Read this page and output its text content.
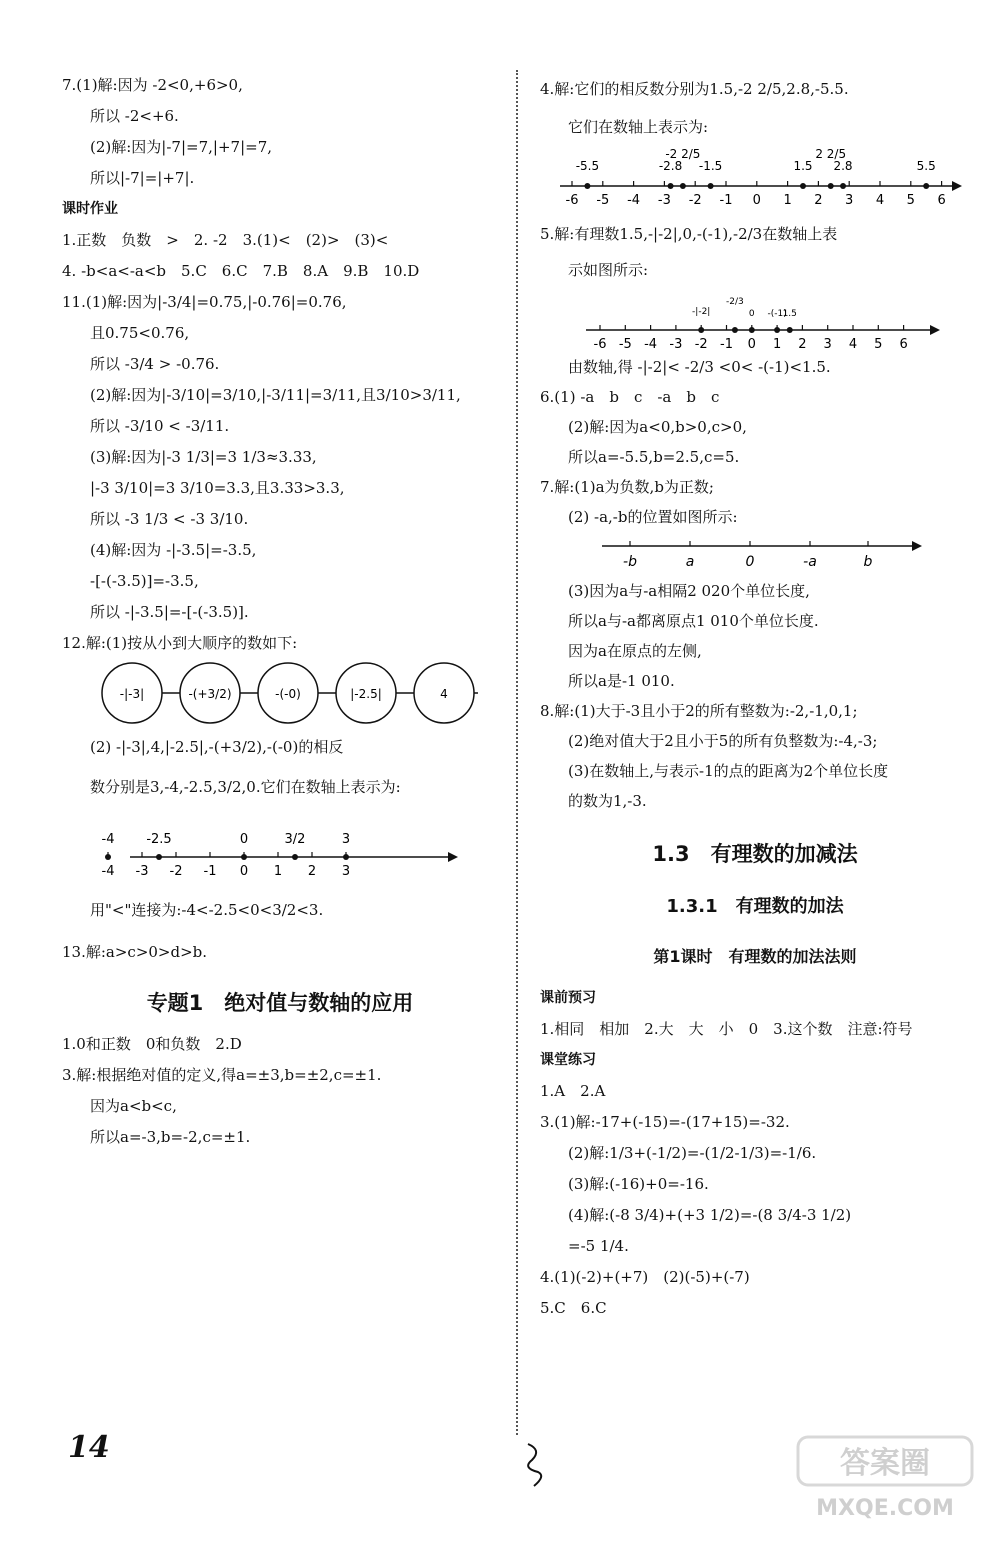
7.(1)解:因为 -2<0,+6>0,
所以 -2<+6.
(2)解:因为|-7|=7,|+7|=7,
所以|-7|=|+7|.
课时作业
1.正数　负数　>　2. -2　3.(1)<　(2)>　(3)<
4. -b<a<-a<b　5.C　6.C　7.B　8.A　9.B　10.D
11.(1)解:因为|-3/4|=0.75,|-0.76|=0.76,
且0.75<0.76,
所以 -3/4 > -0.76.
(2)解:因为|-3/10|=3/10,|-3/11|=3/11,且3/10>3/11,
所以 -3/10 < -3/11.
(3)解:因为|-3 1/3|=3 1/3≈3.33,
|-3 3/10|=3 3/10=3.3,且3.33>3.3,
所以 -3 1/3 < -3 3/10.
(4)解:因为 -|-3.5|=-3.5,
-[-(-3.5)]=-3.5,
所以 -|-3.5|=-[-(-3.5)].
12.解:(1)按从小到大顺序的数如下:
-|-3|	-(+3/2)	-(-0)	|-2.5|	4
(2) -|-3|,4,|-2.5|,-(+3/2),-(-0)的相反
数分别是3,-4,-2.5,3/2,0.它们在数轴上表示为:
-4 -3 -2 -1 0 1 2 3
-4 -2.5	0	3/2	3
用"<"连接为:-4<-2.5<0<3/2<3.
13.解:a>c>0>d>b.
专题1　绝对值与数轴的应用
1.0和正数　0和负数　2.D
3.解:根据绝对值的定义,得a=±3,b=±2,c=±1.
因为a<b<c,
所以a=-3,b=-2,c=±1.
4.解:它们的相反数分别为1.5,-2 2/5,2.8,-5.5.
它们在数轴上表示为:
-6 -5 -4 -3 -2 -1 0 1 2 3 4 5 6
-5.5	-2.8
-2 2/5
-1.5	1.5
2 2/5
2.8	5.5
5.解:有理数1.5,-|-2|,0,-(-1),-2/3在数轴上表
示如图所示:
-6 -5 -4 -3 -2 -1 0 1 2 3 4 5 6
-|-2|
-2/3
0 -(-1)
1.5
由数轴,得 -|-2|< -2/3 <0< -(-1)<1.5.
6.(1) -a　b　c　-a　b　c
(2)解:因为a<0,b>0,c>0,
所以a=-5.5,b=2.5,c=5.
7.解:(1)a为负数,b为正数;
(2) -a,-b的位置如图所示:
-b	a	0	-a	b
(3)因为a与-a相隔2 020个单位长度,
所以a与-a都离原点1 010个单位长度.
因为a在原点的左侧,
所以a是-1 010.
8.解:(1)大于-3且小于2的所有整数为:-2,-1,0,1;
(2)绝对值大于2且小于5的所有负整数为:-4,-3;
(3)在数轴上,与表示-1的点的距离为2个单位长度
的数为1,-3.
1.3　有理数的加减法
1.3.1　有理数的加法
第1课时　有理数的加法法则
课前预习
1.相同　相加　2.大　大　小　0　3.这个数　注意:符号
课堂练习
1.A　2.A
3.(1)解:-17+(-15)=-(17+15)=-32.
(2)解:1/3+(-1/2)=-(1/2-1/3)=-1/6.
(3)解:(-16)+0=-16.
(4)解:(-8 3/4)+(+3 1/2)=-(8 3/4-3 1/2)
=-5 1/4.
4.(1)(-2)+(+7)　(2)(-5)+(-7)
5.C　6.C
14	答案圈
MXQE.COM
